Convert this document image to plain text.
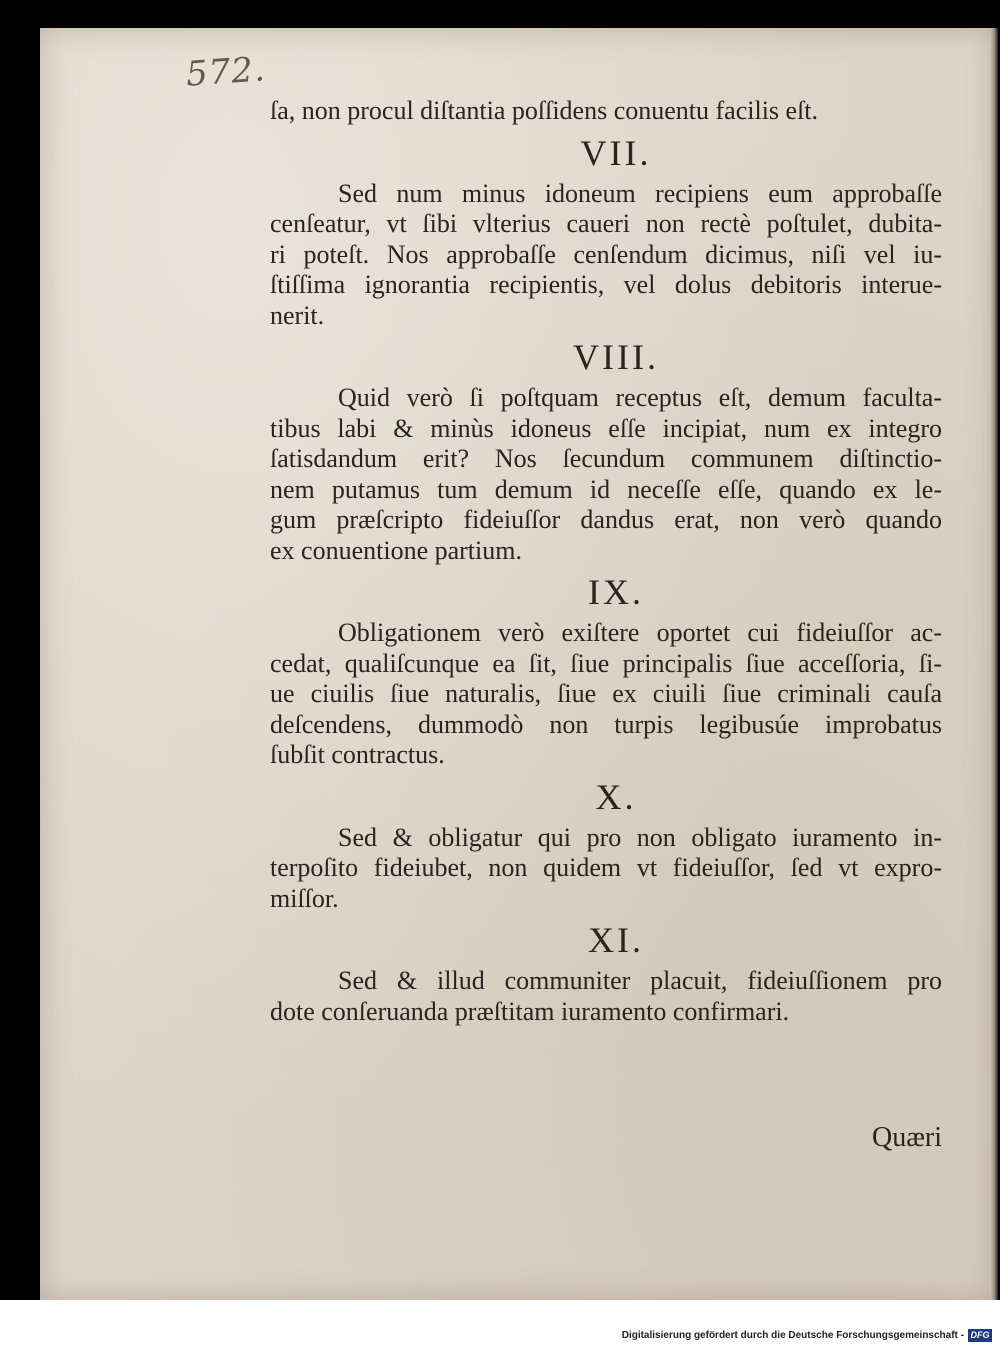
572.
ſa, non procul diſtantia poſſidens conuentu facilis eſt.
VII.
Sed num minus idoneum recipiens eum approbaſſe
cenſeatur, vt ſibi vlterius caueri non rectè poſtulet, dubita-
ri poteſt. Nos approbaſſe cenſendum dicimus, niſi vel iu-
ſtiſſima ignorantia recipientis, vel dolus debitoris interue-
nerit.
VIII.
Quid verò ſi poſtquam receptus eſt, demum faculta-
tibus labi & minùs idoneus eſſe incipiat, num ex integro
ſatisdandum erit? Nos ſecundum communem diſtinctio-
nem putamus tum demum id neceſſe eſſe, quando ex le-
gum præſcripto fideiuſſor dandus erat, non verò quando
ex conuentione partium.
IX.
Obligationem verò exiſtere oportet cui fideiuſſor ac-
cedat, qualiſcunque ea ſit, ſiue principalis ſiue acceſſoria, ſi-
ue ciuilis ſiue naturalis, ſiue ex ciuili ſiue criminali cauſa
deſcendens, dummodò non turpis legibusúe improbatus
ſubſit contractus.
X.
Sed & obligatur qui pro non obligato iuramento in-
terpoſito fideiubet, non quidem vt fideiuſſor, ſed vt expro-
miſſor.
XI.
Sed & illud communiter placuit, fideiuſſionem pro
dote conſeruanda præſtitam iuramento confirmari.
Quæri
Digitalisierung gefördert durch die Deutsche Forschungsgemeinschaft - DFG
